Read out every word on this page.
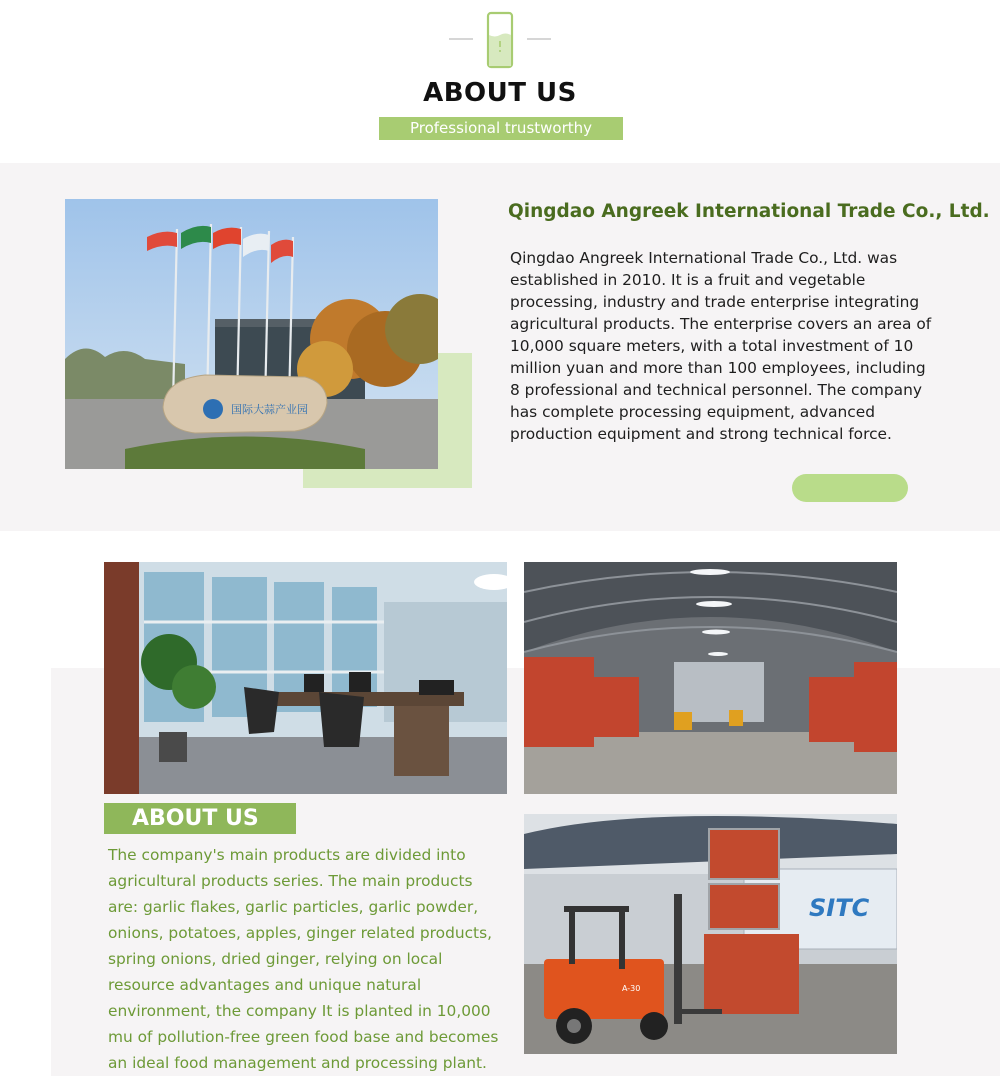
ABOUT US
Professional trustworthy
国际大蒜产业园
Qingdao Angreek International Trade Co., Ltd.
Qingdao Angreek International Trade Co., Ltd. was established in 2010. It is a fruit and vegetable processing, industry and trade enterprise integrating agricultural products. The enterprise covers an area of 10,000 square meters, with a total investment of 10 million yuan and more than 100 employees, including 8 professional and technical personnel. The company has complete processing equipment, advanced production equipment and strong technical force.
ABOUT US
The company's main products are divided into agricultural products series. The main products are: garlic flakes, garlic particles, garlic powder, onions, potatoes, apples, ginger related products, spring onions, dried ginger, relying on local resource advantages and unique natural environment, the company It is planted in 10,000 mu of pollution-free green food base and becomes an ideal food management and processing plant.
SITC
A-30
